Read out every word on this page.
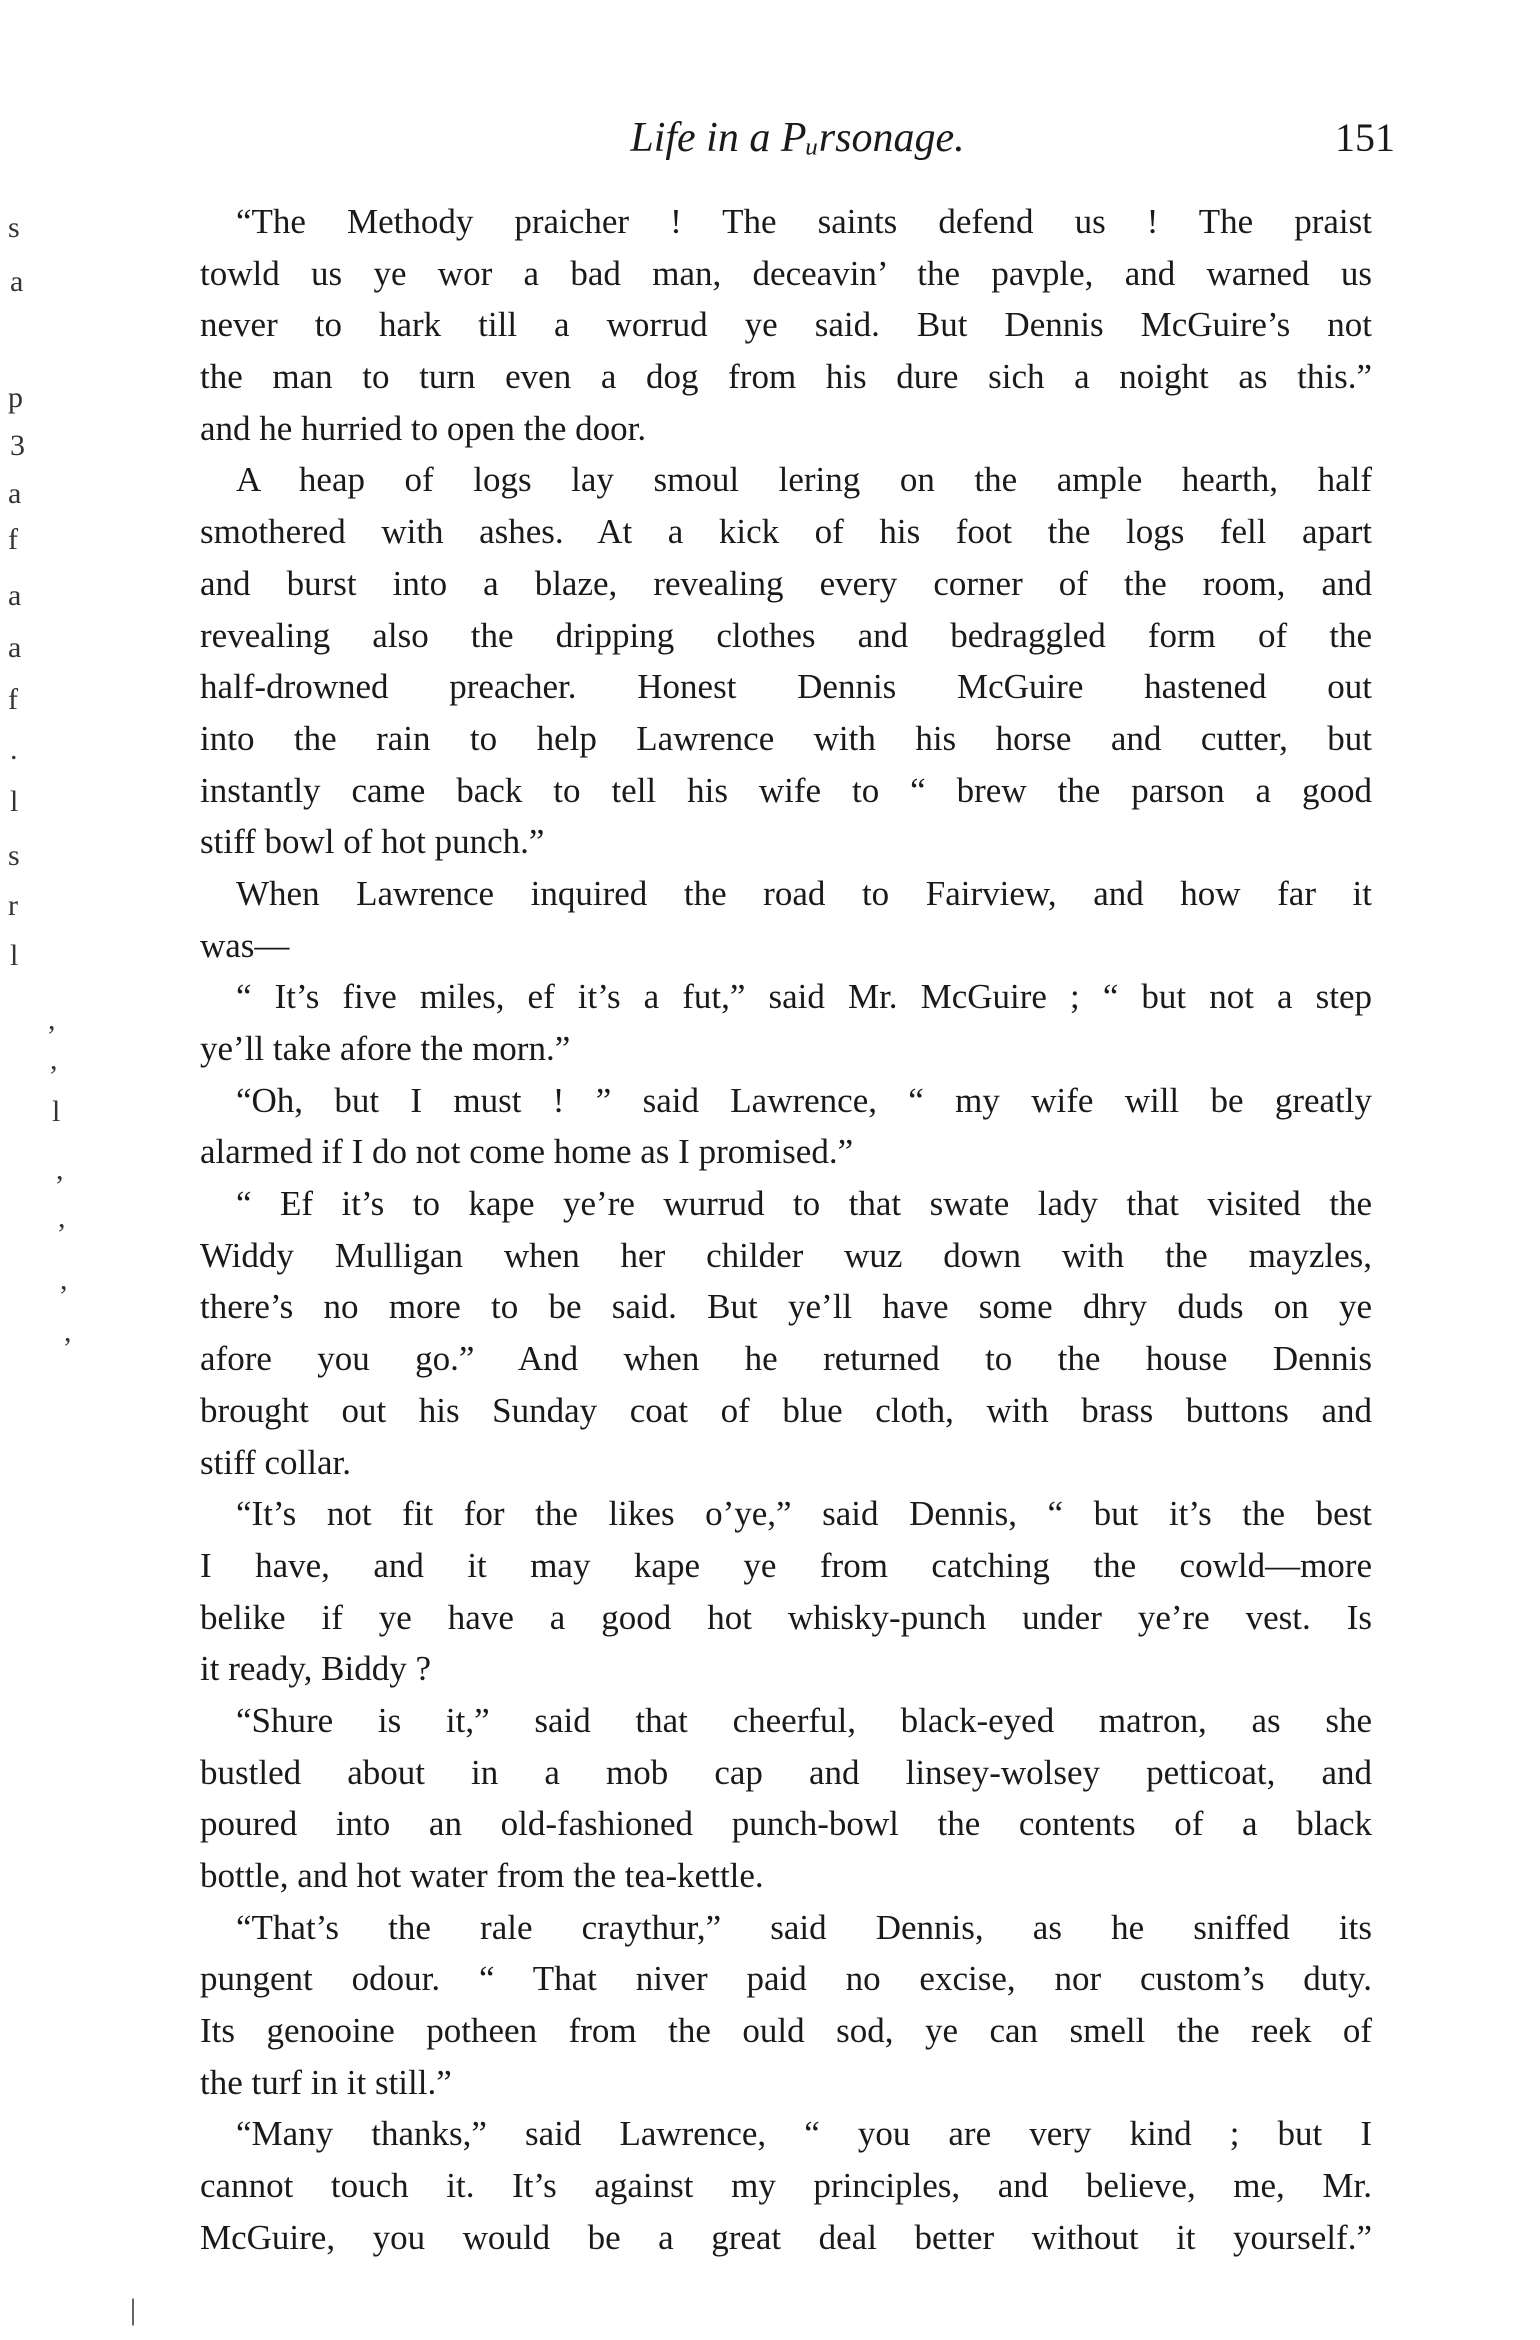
Life in a Pᵤrsonage.	151
s
a
p
3
a
f
a
a
f
.
l
s
r
l
,
,
l
,
,
,
,
|
“The Methody praicher ! The saints defend us ! The praist
towld us ye wor a bad man, deceavin’ the pavple, and warned us
never to hark till a worrud ye said. But Dennis McGuire’s not
the man to turn even a dog from his dure sich a noight as this.”
and he hurried to open the door.
A heap of logs lay smoul lering on the ample hearth, half
smothered with ashes. At a kick of his foot the logs fell apart
and burst into a blaze, revealing every corner of the room, and
revealing also the dripping clothes and bedraggled form of the
half-drowned preacher. Honest Dennis McGuire hastened out
into the rain to help Lawrence with his horse and cutter, but
instantly came back to tell his wife to “ brew the parson a good
stiff bowl of hot punch.”
When Lawrence inquired the road to Fairview, and how far it
was—
“ It’s five miles, ef it’s a fut,” said Mr. McGuire ; “ but not a step
ye’ll take afore the morn.”
“Oh, but I must ! ” said Lawrence, “ my wife will be greatly
alarmed if I do not come home as I promised.”
“ Ef it’s to kape ye’re wurrud to that swate lady that visited the
Widdy Mulligan when her childer wuz down with the mayzles,
there’s no more to be said. But ye’ll have some dhry duds on ye
afore you go.” And when he returned to the house Dennis
brought out his Sunday coat of blue cloth, with brass buttons and
stiff collar.
“It’s not fit for the likes o’ye,” said Dennis, “ but it’s the best
I have, and it may kape ye from catching the cowld—more
belike if ye have a good hot whisky-punch under ye’re vest. Is
it ready, Biddy ?
“Shure is it,” said that cheerful, black-eyed matron, as she
bustled about in a mob cap and linsey-wolsey petticoat, and
poured into an old-fashioned punch-bowl the contents of a black
bottle, and hot water from the tea-kettle.
“That’s the rale craythur,” said Dennis, as he sniffed its
pungent odour. “ That niver paid no excise, nor custom’s duty.
Its genooine potheen from the ould sod, ye can smell the reek of
the turf in it still.”
“Many thanks,” said Lawrence, “ you are very kind ; but I
cannot touch it. It’s against my principles, and believe, me, Mr.
McGuire, you would be a great deal better without it yourself.”
